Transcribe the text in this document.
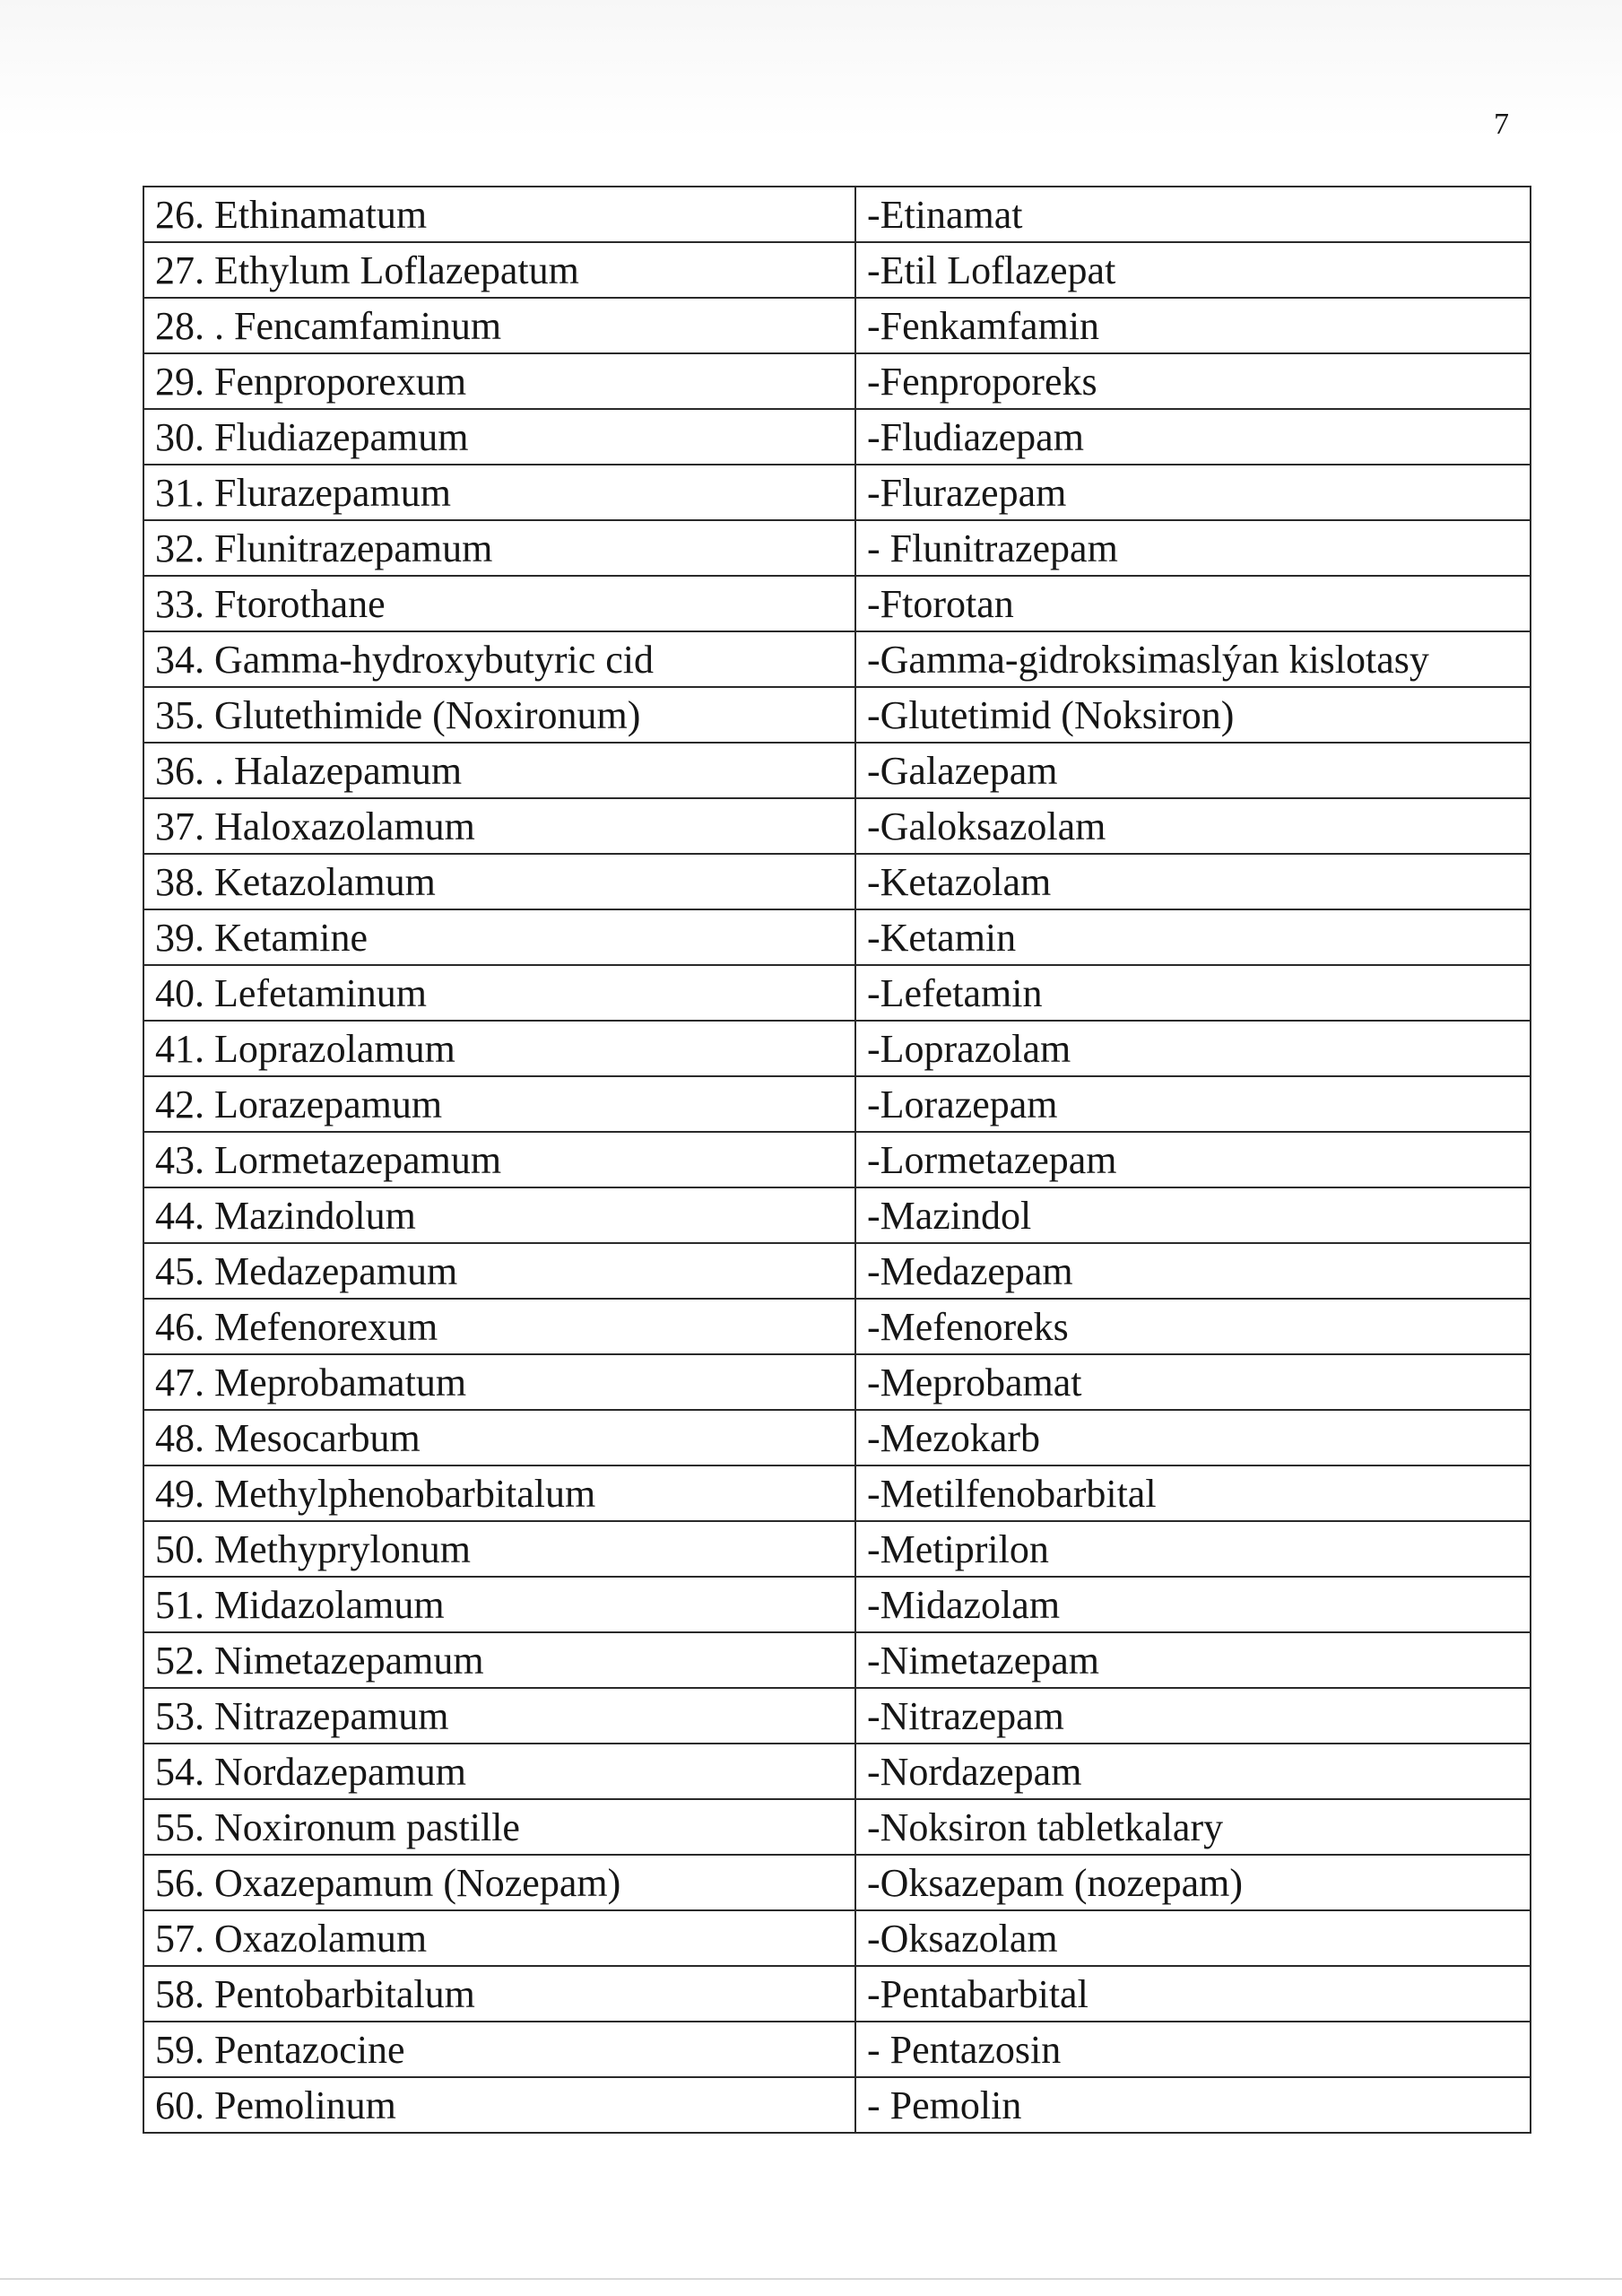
7
26. Ethinamatum	-Etinamat
27. Ethylum Loflazepatum	-Etil Loflazepat
28. . Fencamfaminum	-Fenkamfamin
29. Fenproporexum	-Fenproporeks
30. Fludiazepamum	-Fludiazepam
31. Flurazepamum	-Flurazepam
32. Flunitrazepamum	- Flunitrazepam
33. Ftorothane	-Ftorotan
34. Gamma-hydroxybutyric cid	-Gamma-gidroksimaslýan kislotasy
35. Glutethimide (Noxironum)	-Glutetimid (Noksiron)
36. . Halazepamum	-Galazepam
37. Haloxazolamum	-Galoksazolam
38. Ketazolamum	-Ketazolam
39. Ketamine	-Ketamin
40. Lefetaminum	-Lefetamin
41. Loprazolamum	-Loprazolam
42. Lorazepamum	-Lorazepam
43. Lormetazepamum	-Lormetazepam
44. Mazindolum	-Mazindol
45. Medazepamum	-Medazepam
46. Mefenorexum	-Mefenoreks
47. Meprobamatum	-Meprobamat
48. Mesocarbum	-Mezokarb
49. Methylphenobarbitalum	-Metilfenobarbital
50. Methyprylonum	-Metiprilon
51. Midazolamum	-Midazolam
52. Nimetazepamum	-Nimetazepam
53. Nitrazepamum	-Nitrazepam
54. Nordazepamum	-Nordazepam
55. Noxironum pastille	-Noksiron tabletkalary
56. Oxazepamum (Nozepam)	-Oksazepam (nozepam)
57. Oxazolamum	-Oksazolam
58. Pentobarbitalum	-Pentabarbital
59. Pentazocine	- Pentazosin
60. Pemolinum	- Pemolin
